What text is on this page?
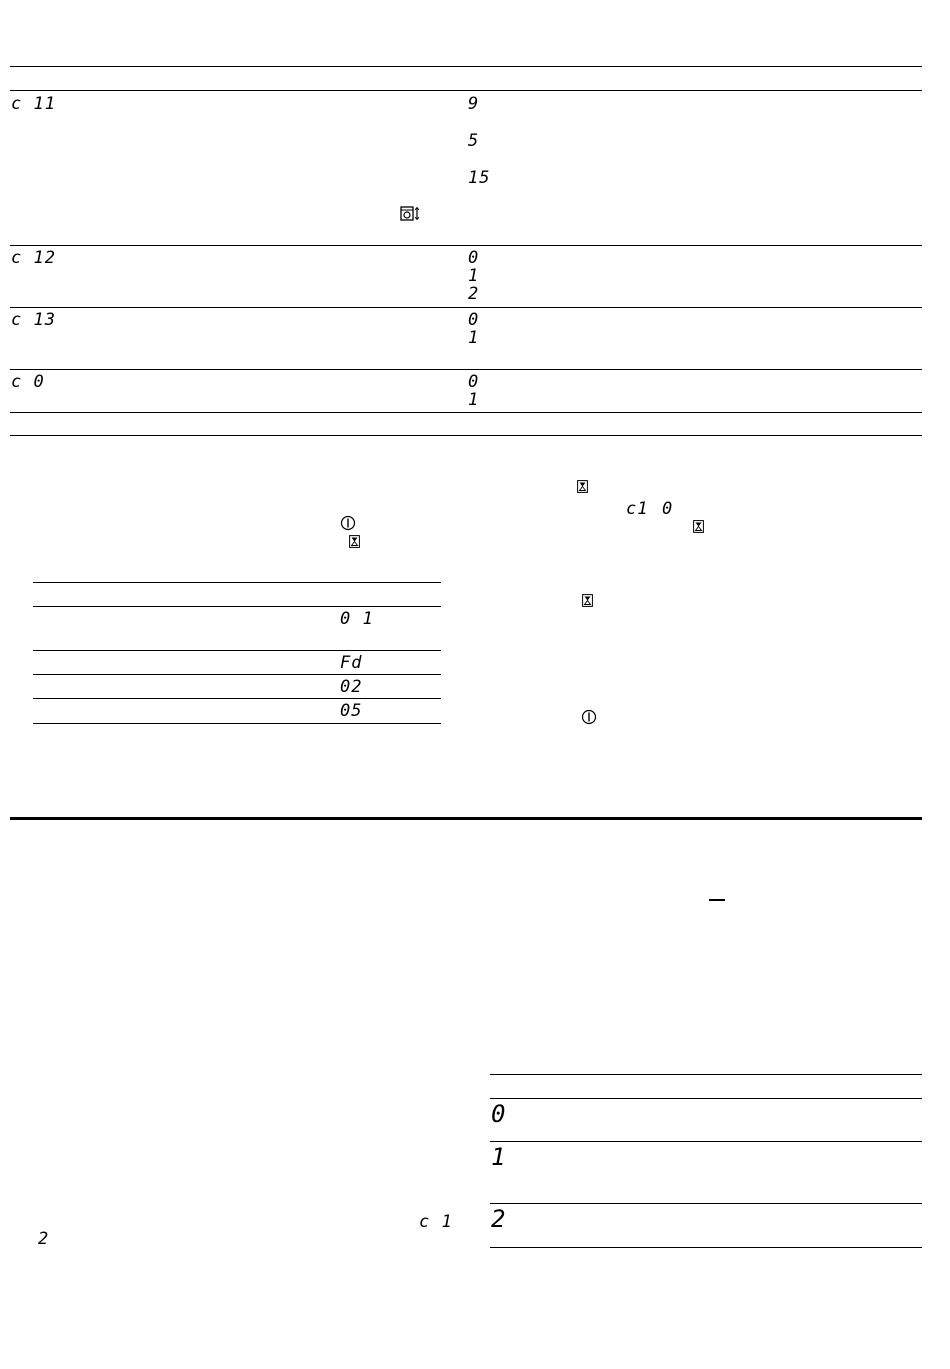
c 11	9
5
15
c 12	0
1
2
c 13	0
1
c 0	0
1
0 1
Fd
02
05
c1 0
c 1
2
0
1
2
